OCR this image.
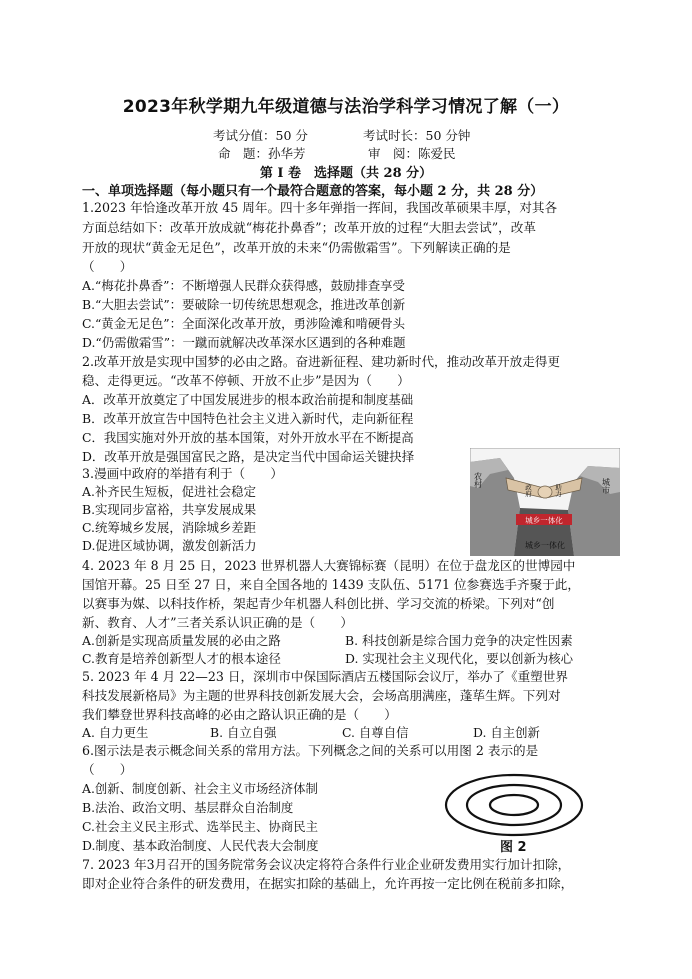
2023年秋学期九年级道德与法治学科学习情况了解（一）
考试分值：50 分	考试时长：50 分钟
命　题：孙华芳	审　阅：陈爱民
第 I 卷　选择题（共 28 分）
一、单项选择题（每小题只有一个最符合题意的答案，每小题 2 分，共 28 分）
1.2023 年恰逢改革开放 45 周年。四十多年弹指一挥间，我国改革硕果丰厚，对其各
方面总结如下：改革开放成就“梅花扑鼻香”；改革开放的过程“大胆去尝试”，改革
开放的现状“黄金无足色”，改革开放的未来“仍需傲霜雪”。下列解读正确的是
（　　）
A.“梅花扑鼻香”：不断增强人民群众获得感，鼓励排查享受
B.“大胆去尝试”：要破除一切传统思想观念，推进改革创新
C.“黄金无足色”：全面深化改革开放，勇涉险滩和啃硬骨头
D.“仍需傲霜雪”：一蹴而就解决改革深水区遇到的各种难题
2.改革开放是实现中国梦的必由之路。奋进新征程、建功新时代，推动改革开放走得更
稳、走得更远。“改革不停顿、开放不止步”是因为（　　）
A．改革开放奠定了中国发展进步的根本政治前提和制度基础
B．改革开放宣告中国特色社会主义进入新时代，走向新征程
C．我国实施对外开放的基本国策，对外开放水平在不断提高
D．改革开放是强国富民之路，是决定当代中国命运关键抉择
3.漫画中政府的举措有利于（　　）
A.补齐民生短板，促进社会稳定
B.实现同步富裕，共享发展成果
C.统筹城乡发展，消除城乡差距
D.促进区域协调，激发创新活力
城乡一体化
农村	城市
政府	助力
城乡一体化
4. 2023 年 8 月 25 日，2023 世界机器人大赛锦标赛（昆明）在位于盘龙区的世博园中
国馆开幕。25 日至 27 日，来自全国各地的 1439 支队伍、5171 位参赛选手齐聚于此，
以赛事为媒、以科技作桥，架起青少年机器人科创比拼、学习交流的桥梁。下列对“创
新、教育、人才”三者关系认识正确的是（　　）
A.创新是实现高质量发展的必由之路	B. 科技创新是综合国力竞争的决定性因素
C.教育是培养创新型人才的根本途径	D. 实现社会主义现代化，要以创新为核心
5. 2023 年 4 月 22—23 日，深圳市中保国际酒店五楼国际会议厅，举办了《重塑世界
科技发展新格局》为主题的世界科技创新发展大会，会场高朋满座，蓬荜生辉。下列对
我们攀登世界科技高峰的必由之路认识正确的是（　　）
A. 自力更生	B. 自立自强	C. 自尊自信	D. 自主创新
6.图示法是表示概念间关系的常用方法。下列概念之间的关系可以用图 2 表示的是
（　　）
A.创新、制度创新、社会主义市场经济体制
B.法治、政治文明、基层群众自治制度
C.社会主义民主形式、选举民主、协商民主
D.制度、基本政治制度、人民代表大会制度	图 2
7. 2023 年3月召开的国务院常务会议决定将符合条件行业企业研发费用实行加计扣除，
即对企业符合条件的研发费用，在据实扣除的基础上，允许再按一定比例在税前多扣除，
